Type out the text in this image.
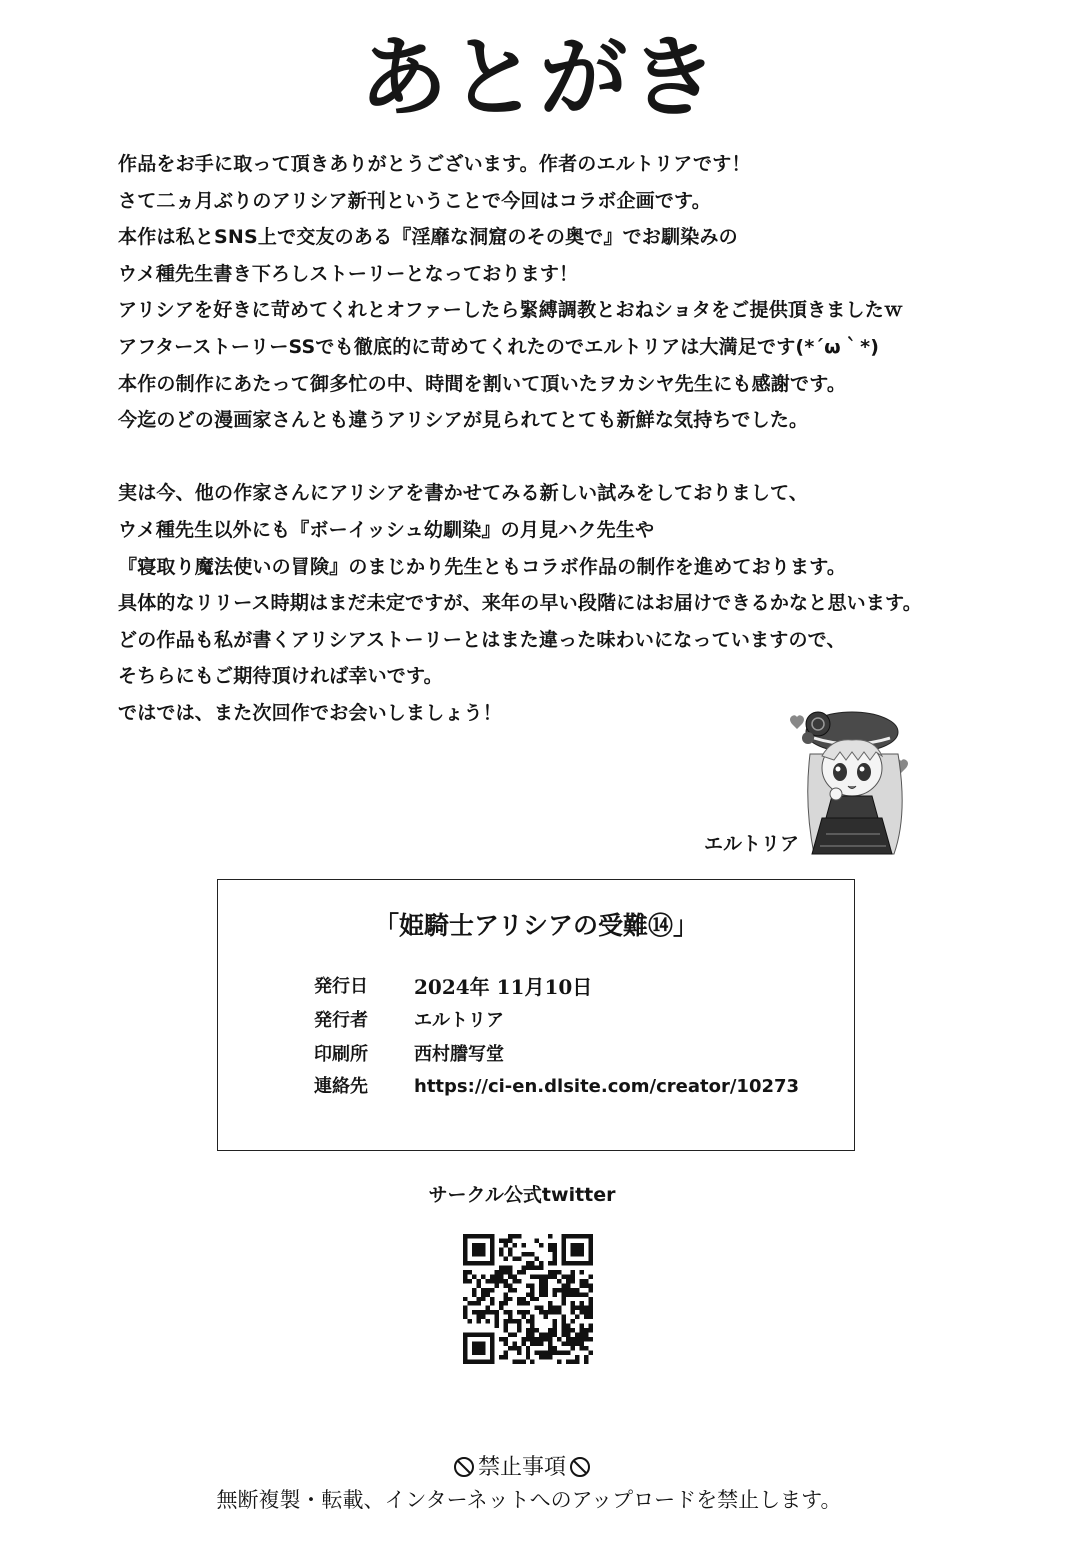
あとがき
作品をお手に取って頂きありがとうございます。作者のエルトリアです！
さて二ヵ月ぶりのアリシア新刊ということで今回はコラボ企画です。
本作は私とSNS上で交友のある『淫靡な洞窟のその奥で』でお馴染みの
ウメ種先生書き下ろしストーリーとなっております！
アリシアを好きに苛めてくれとオファーしたら緊縛調教とおねショタをご提供頂きましたｗ
アフターストーリーSSでも徹底的に苛めてくれたのでエルトリアは大満足です(*´ω｀*)
本作の制作にあたって御多忙の中、時間を割いて頂いたヲカシヤ先生にも感謝です。
今迄のどの漫画家さんとも違うアリシアが見られてとても新鮮な気持ちでした。
実は今、他の作家さんにアリシアを書かせてみる新しい試みをしておりまして、
ウメ種先生以外にも『ボーイッシュ幼馴染』の月見ハク先生や
『寝取り魔法使いの冒険』のまじかり先生ともコラボ作品の制作を進めております。
具体的なリリース時期はまだ未定ですが、来年の早い段階にはお届けできるかなと思います。
どの作品も私が書くアリシアストーリーとはまた違った味わいになっていますので、
そちらにもご期待頂ければ幸いです。
ではでは、また次回作でお会いしましょう！
エルトリア
「姫騎士アリシアの受難⑭」
発行日 2024年 11月10日
発行者	エルトリア
印刷所	西村謄写堂
連絡先	https://ci-en.dlsite.com/creator/10273
サークル公式twitter
禁止事項
無断複製・転載、インターネットへのアップロードを禁止します。
